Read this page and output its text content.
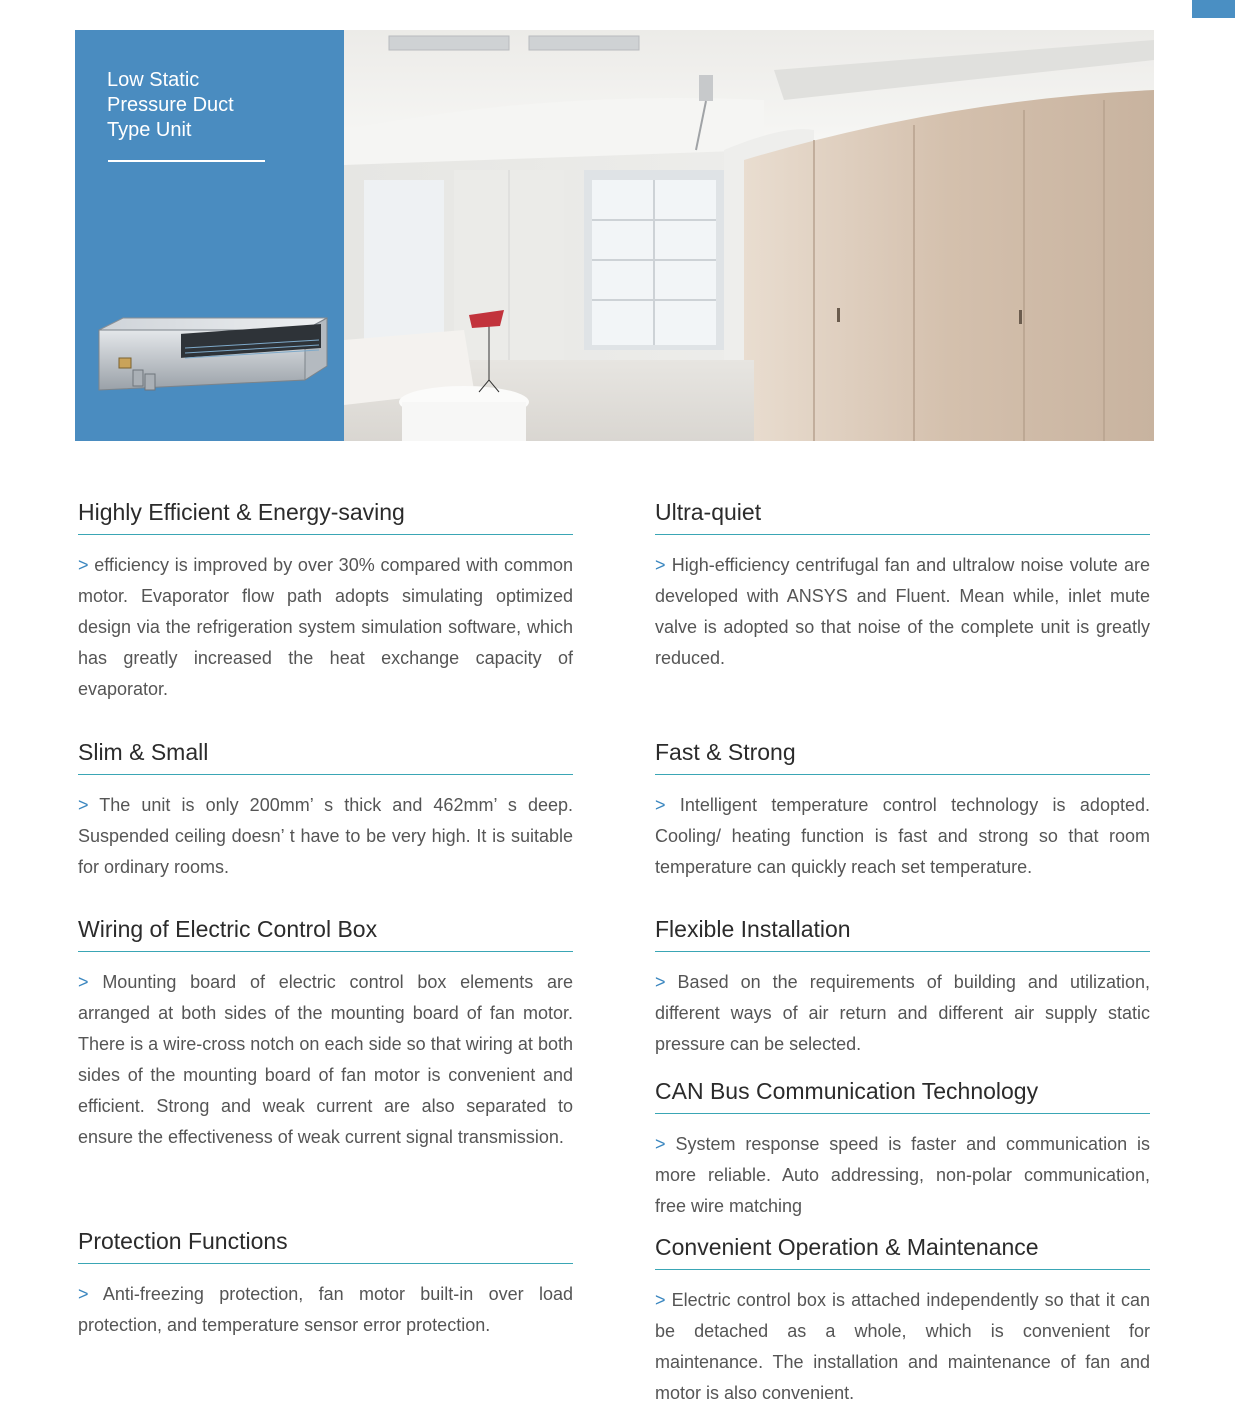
Low Static
Pressure Duct
Type Unit
Highly Efficient & Energy-saving

> efficiency is improved by over 30% compared with common motor. Evaporator flow path adopts simulating optimized design via the refrigeration system simulation software, which has greatly increased the heat exchange capacity of evaporator.

Slim & Small

> The unit is only 200mm’ s thick and 462mm’ s deep. Suspended ceiling doesn’ t have to be very high. It is suitable for ordinary rooms.

Wiring of Electric Control Box

> Mounting board of electric control box elements are arranged at both sides of the mounting board of fan motor. There is a wire-cross notch on each side so that wiring at both sides of the mounting board of fan motor is convenient and efficient. Strong and weak current are also separated to ensure the effectiveness of weak current signal transmission.

Protection Functions

> Anti-freezing protection, fan motor built-in over load protection, and temperature sensor error protection.

Ultra-quiet

> High-efficiency centrifugal fan and ultralow noise volute are developed with ANSYS and Fluent. Mean while, inlet mute valve is adopted so that noise of the complete unit is greatly reduced.

Fast & Strong

> Intelligent temperature control technology is adopted. Cooling/ heating function is fast and strong so that room temperature can quickly reach set temperature.

Flexible Installation

> Based on the requirements of building and utilization, different ways of air return and different air supply static pressure can be selected.

CAN Bus Communication Technology

> System response speed is faster and communication is more reliable. Auto addressing, non-polar communication, free wire matching

Convenient Operation & Maintenance

> Electric control box is attached independently so that it can be detached as a whole, which is convenient for maintenance. The installation and maintenance of fan and motor is also convenient.
